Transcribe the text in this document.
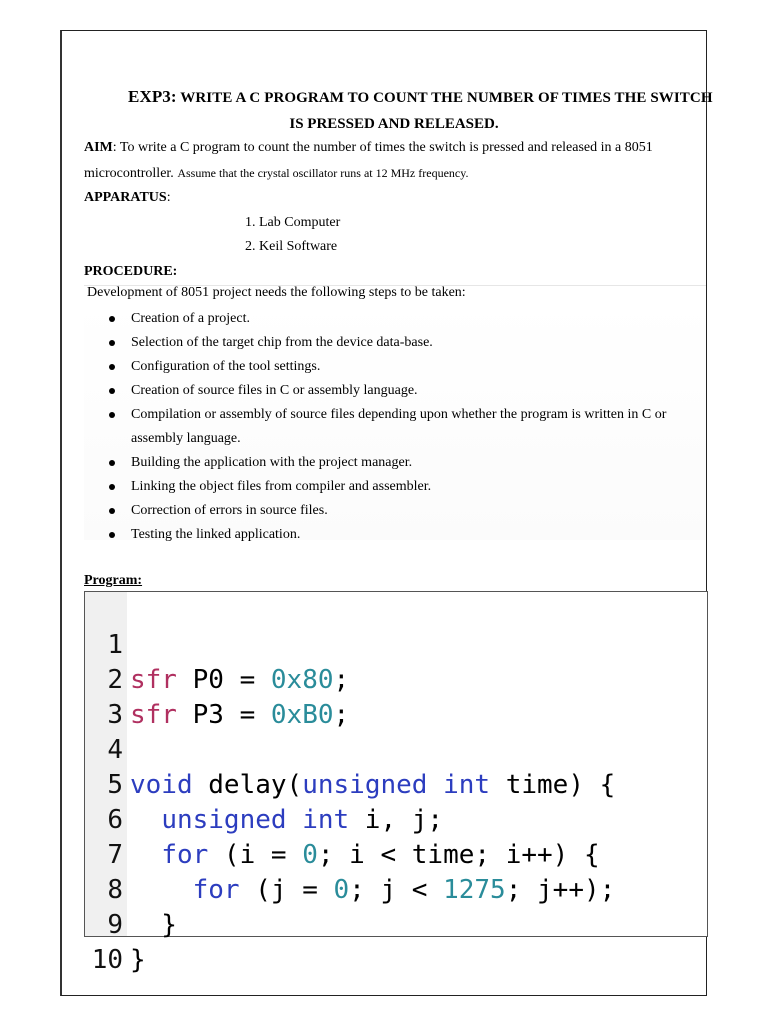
EXP3: WRITE A C PROGRAM TO COUNT THE NUMBER OF TIMES THE SWITCH
IS PRESSED AND RELEASED.
AIM: To write a C program to count the number of times the switch is pressed and released in a 8051
microcontroller. Assume that the crystal oscillator runs at 12 MHz frequency.
APPARATUS:
1. Lab Computer
2. Keil Software
PROCEDURE:
Development of 8051 project needs the following steps to be taken:
Creation of a project.
Selection of the target chip from the device data-base.
Configuration of the tool settings.
Creation of source files in C or assembly language.
Compilation or assembly of source files depending upon whether the program is written in C or
assembly language.
Building the application with the project manager.
Linking the object files from compiler and assembler.
Correction of errors in source files.
Testing the linked application.
Program:

1

sfr P0 = 0x80;

2

sfr P3 = 0xB0;

3

4

void delay(unsigned int time) {

5

unsigned int i, j;

6

for (i = 0; i < time; i++) {

7

for (j = 0; j < 1275; j++);

8

}

9

}

10
